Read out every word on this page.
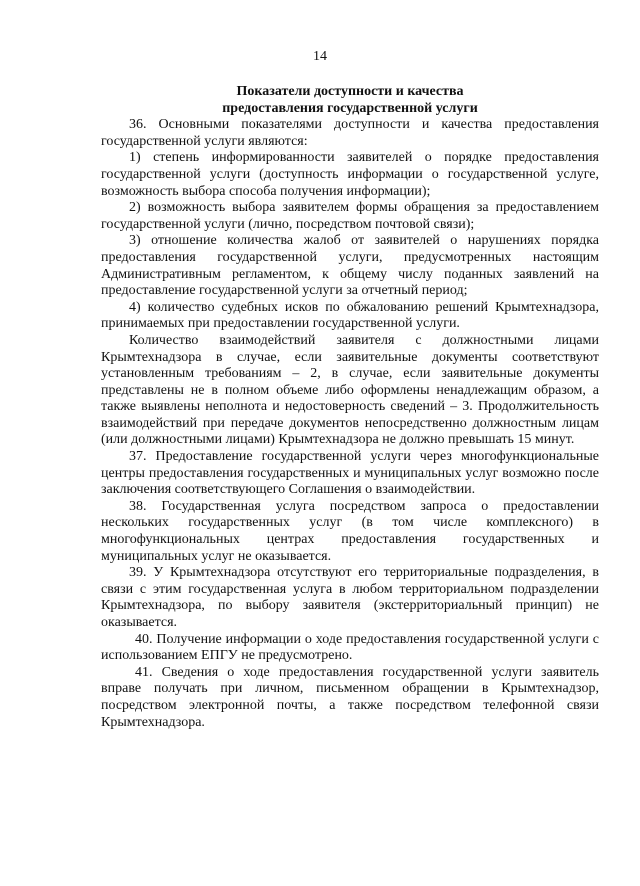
14

Показатели доступности и качества

предоставления государственной услуги

36. Основными показателями доступности и качества предоставления государственной услуги являются:

1) степень информированности заявителей о порядке предоставления государственной услуги (доступность информации о государственной услуге, возможность выбора способа получения информации);

2) возможность выбора заявителем формы обращения за предоставлением государственной услуги (лично, посредством почтовой связи);

3) отношение количества жалоб от заявителей о нарушениях порядка предоставления государственной услуги, предусмотренных настоящим Административным регламентом, к общему числу поданных заявлений на предоставление государственной услуги за отчетный период;

4) количество судебных исков по обжалованию решений Крымтехнадзора, принимаемых при предоставлении государственной услуги.

Количество взаимодействий заявителя с должностными лицами Крымтехнадзора в случае, если заявительные документы соответствуют установленным требованиям – 2, в случае, если заявительные документы представлены не в полном объеме либо оформлены ненадлежащим образом, а также выявлены неполнота и недостоверность сведений – 3. Продолжительность взаимодействий при передаче документов непосредственно должностным лицам (или должностными лицами) Крымтехнадзора не должно превышать 15 минут.

37. Предоставление государственной услуги через многофункциональные центры предоставления государственных и муниципальных услуг возможно после заключения соответствующего Соглашения о взаимодействии.

38. Государственная услуга посредством запроса о предоставлении нескольких государственных услуг (в том числе комплексного) в многофункциональных центрах предоставления государственных и муниципальных услуг не оказывается.

39. У Крымтехнадзора отсутствуют его территориальные подразделения, в связи с этим государственная услуга в любом территориальном подразделении Крымтехнадзора, по выбору заявителя (экстерриториальный принцип) не оказывается.

40. Получение информации о ходе предоставления государственной услуги с использованием ЕПГУ не предусмотрено.

41. Сведения о ходе предоставления государственной услуги заявитель вправе получать при личном, письменном обращении в Крымтехнадзор, посредством электронной почты, а также посредством телефонной связи Крымтехнадзора.
